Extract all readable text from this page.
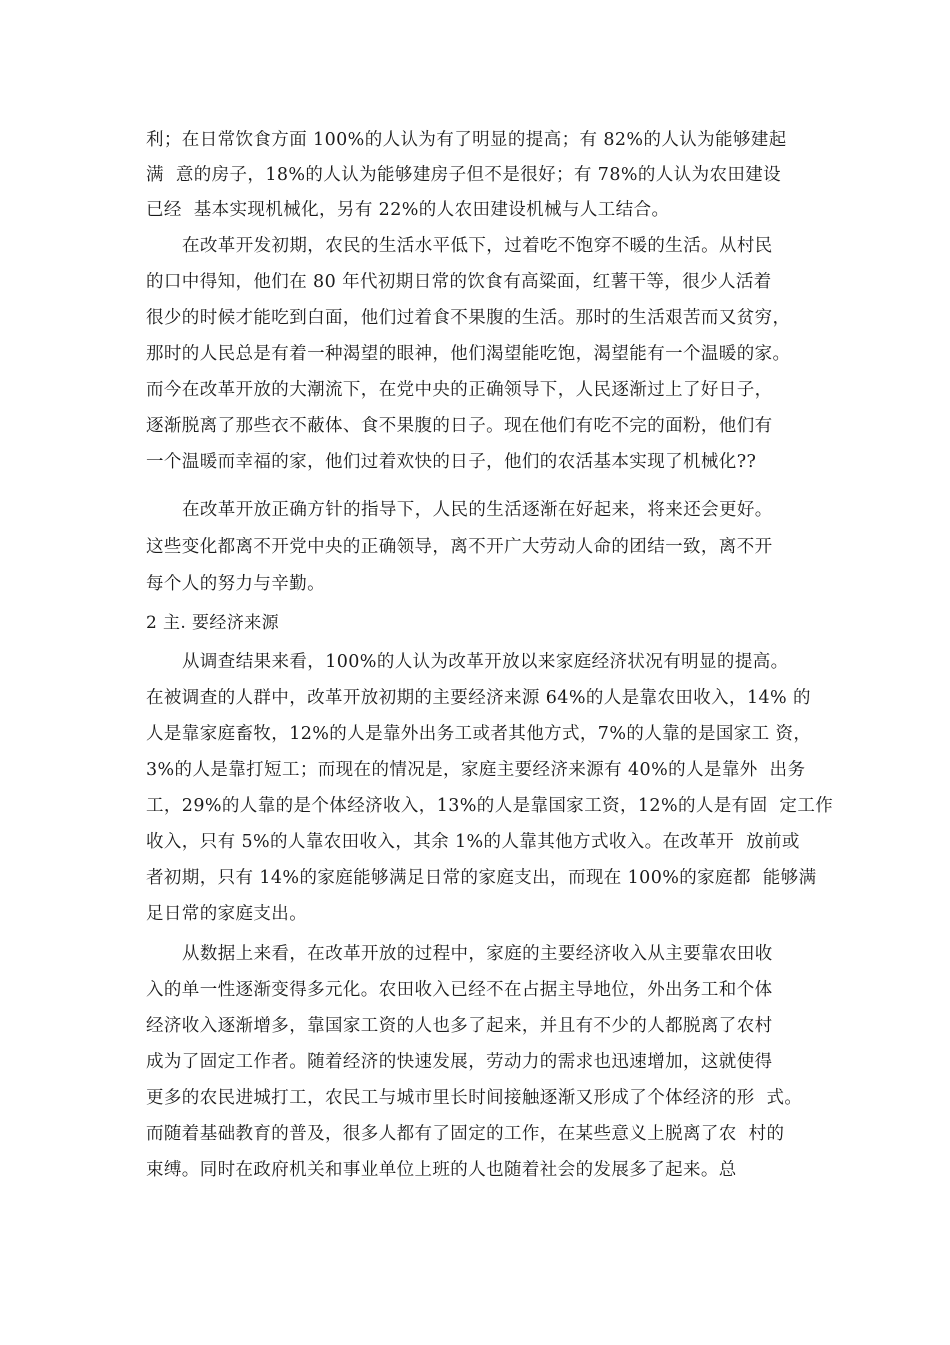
利；在日常饮食方面 100%的人认为有了明显的提高；有 82%的人认为能够建起
满  意的房子，18%的人认为能够建房子但不是很好；有 78%的人认为农田建设
已经  基本实现机械化，另有 22%的人农田建设机械与人工结合。
在改革开发初期，农民的生活水平低下，过着吃不饱穿不暖的生活。从村民
的口中得知，他们在 80 年代初期日常的饮食有高粱面，红薯干等，很少人活着
很少的时候才能吃到白面，他们过着食不果腹的生活。那时的生活艰苦而又贫穷，
那时的人民总是有着一种渴望的眼神，他们渴望能吃饱，渴望能有一个温暖的家。
而今在改革开放的大潮流下，在党中央的正确领导下，人民逐渐过上了好日子，
逐渐脱离了那些衣不蔽体、食不果腹的日子。现在他们有吃不完的面粉，他们有
一个温暖而幸福的家，他们过着欢快的日子，他们的农活基本实现了机械化??
在改革开放正确方针的指导下，人民的生活逐渐在好起来，将来还会更好。
这些变化都离不开党中央的正确领导，离不开广大劳动人命的团结一致，离不开
每个人的努力与辛勤。
2 主. 要经济来源
从调查结果来看，100%的人认为改革开放以来家庭经济状况有明显的提高。
在被调查的人群中，改革开放初期的主要经济来源 64%的人是靠农田收入，14% 的
人是靠家庭畜牧，12%的人是靠外出务工或者其他方式，7%的人靠的是国家工 资，
3%的人是靠打短工；而现在的情况是，家庭主要经济来源有 40%的人是靠外  出务
工，29%的人靠的是个体经济收入，13%的人是靠国家工资，12%的人是有固  定工作
收入，只有 5%的人靠农田收入，其余 1%的人靠其他方式收入。在改革开  放前或
者初期，只有 14%的家庭能够满足日常的家庭支出，而现在 100%的家庭都  能够满
足日常的家庭支出。
从数据上来看，在改革开放的过程中，家庭的主要经济收入从主要靠农田收
入的单一性逐渐变得多元化。农田收入已经不在占据主导地位，外出务工和个体
经济收入逐渐增多，靠国家工资的人也多了起来，并且有不少的人都脱离了农村
成为了固定工作者。随着经济的快速发展，劳动力的需求也迅速增加，这就使得
更多的农民进城打工，农民工与城市里长时间接触逐渐又形成了个体经济的形  式。
而随着基础教育的普及，很多人都有了固定的工作，在某些意义上脱离了农  村的
束缚。同时在政府机关和事业单位上班的人也随着社会的发展多了起来。总
